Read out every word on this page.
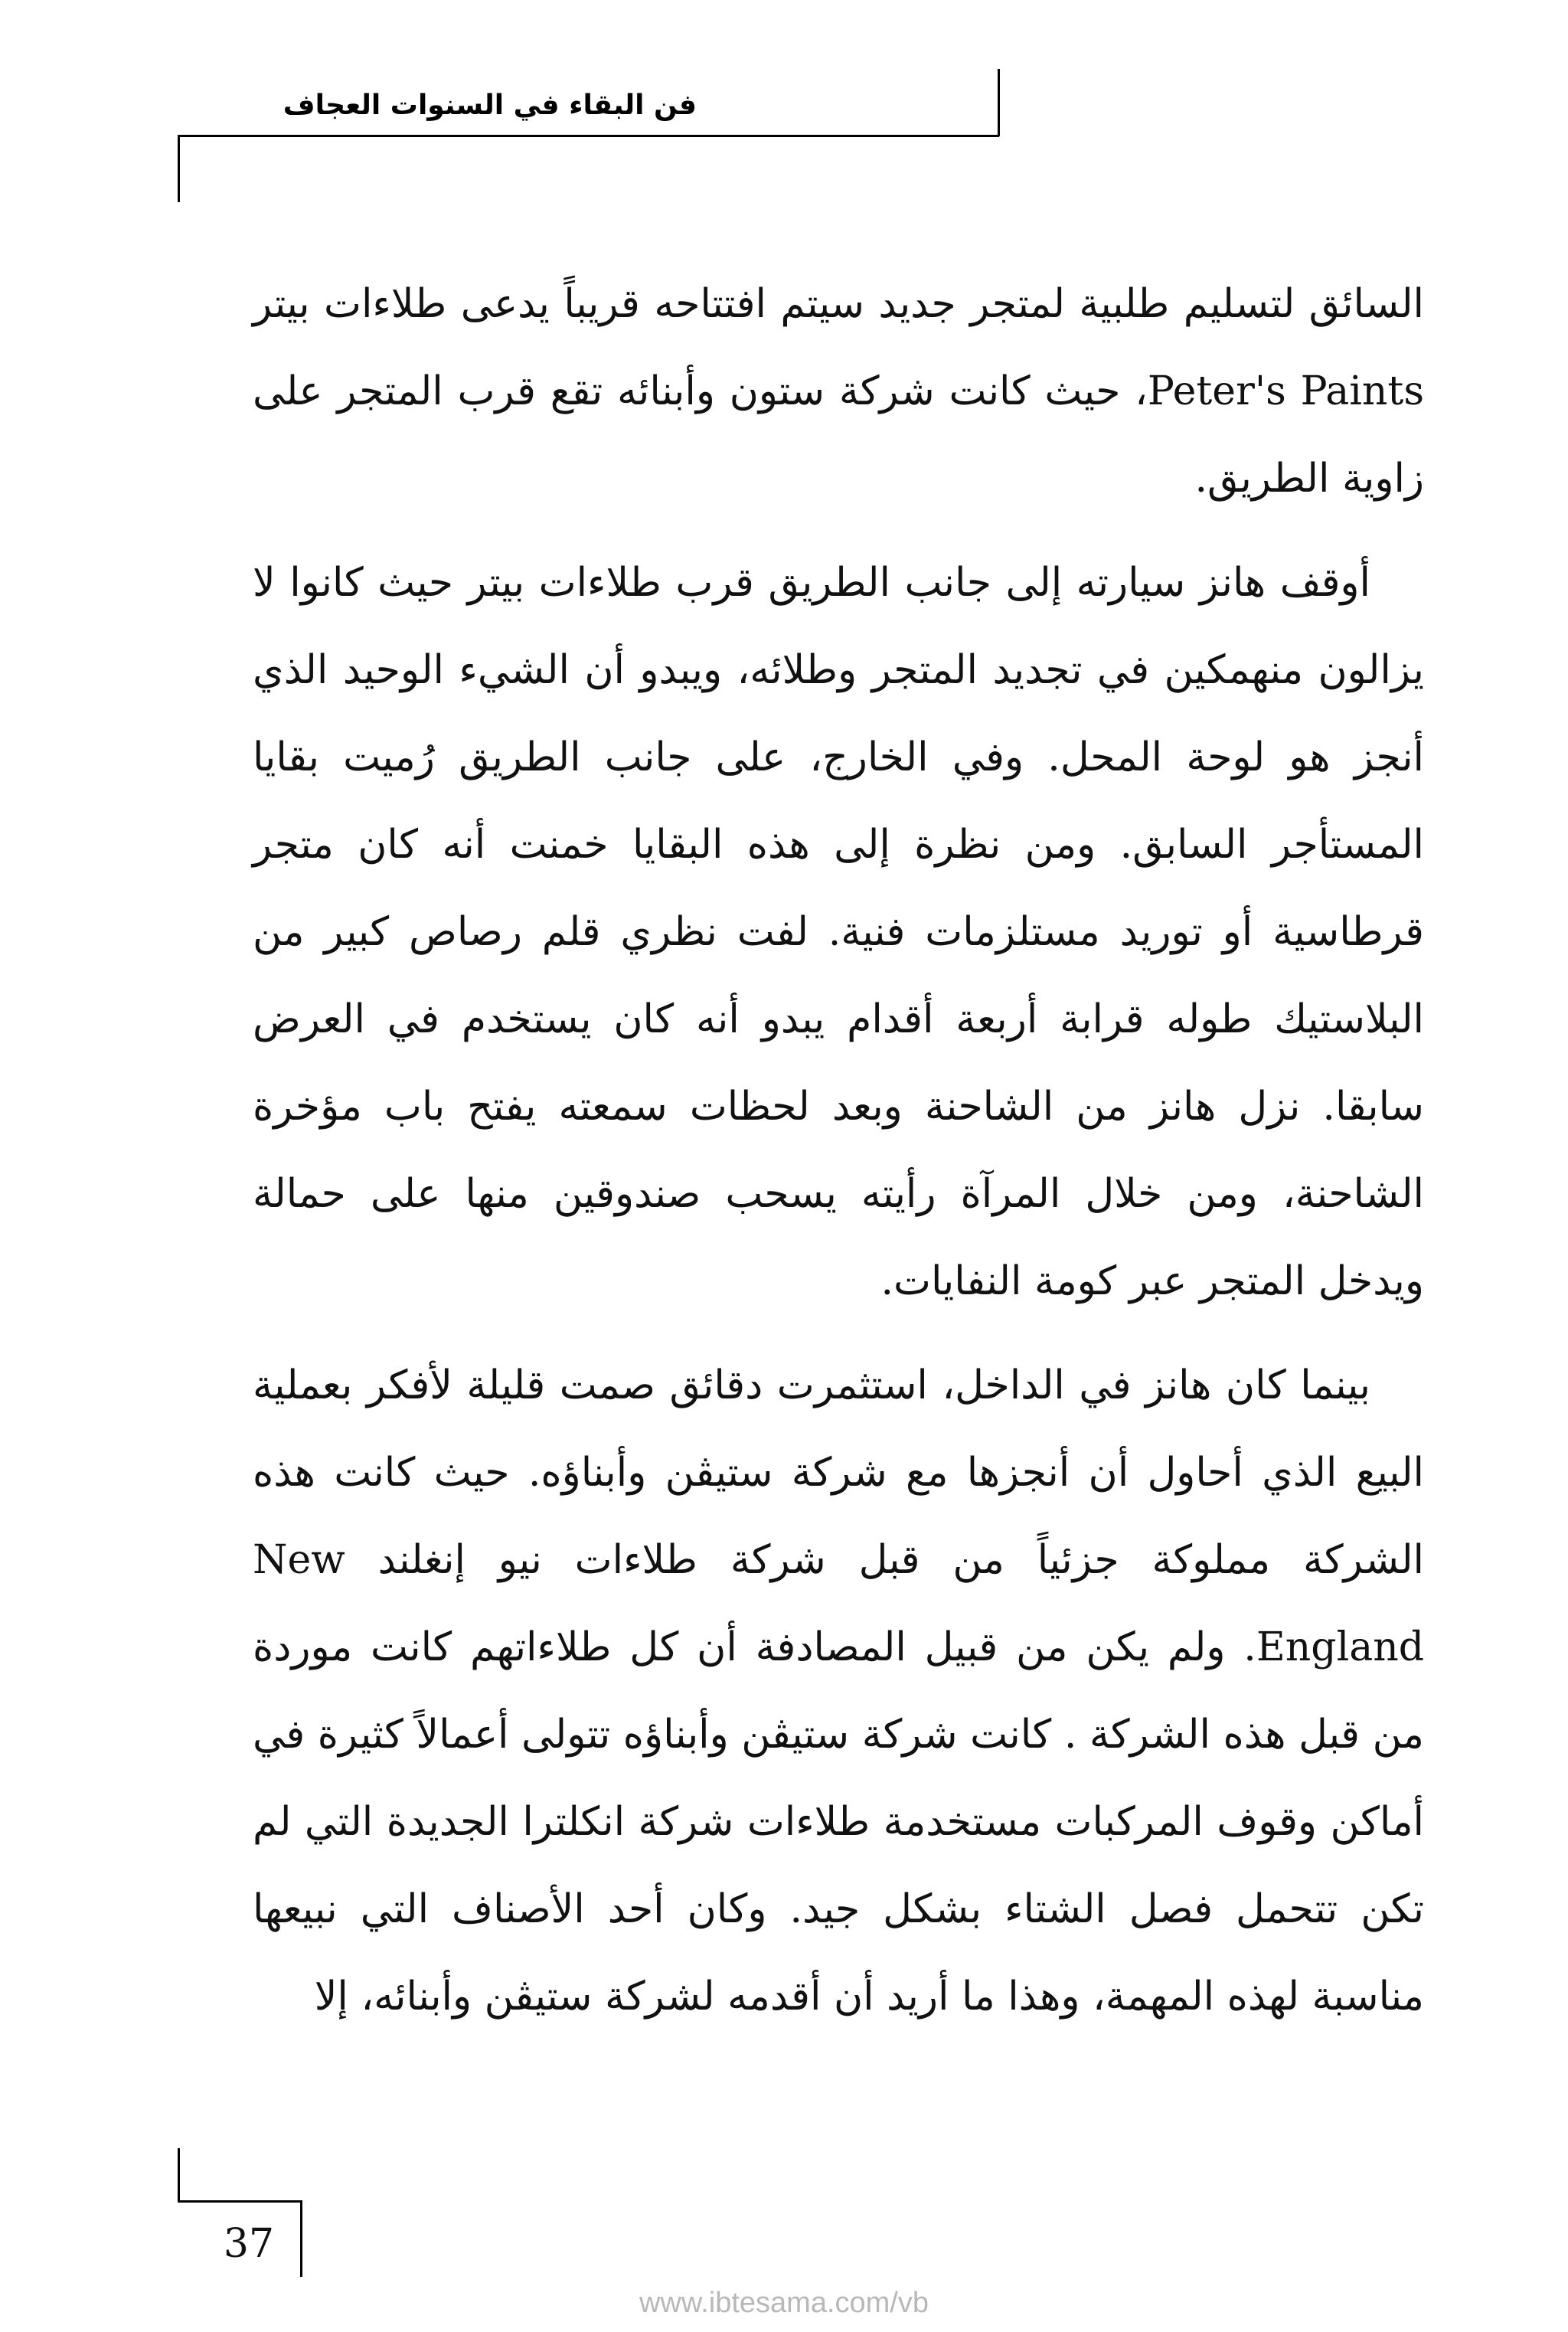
فن البقاء في السنوات العجاف

السائق لتسليم طلبية لمتجر جديد سيتم افتتاحه قريباً يدعى طلاءات بيتر Peter's Paints، حيث كانت شركة ستون وأبنائه تقع قرب المتجر على زاوية الطريق.

أوقف هانز سيارته إلى جانب الطريق قرب طلاءات بيتر حيث كانوا لا يزالون منهمكين في تجديد المتجر وطلائه، ويبدو أن الشيء الوحيد الذي أنجز هو لوحة المحل. وفي الخارج، على جانب الطريق رُميت بقايا المستأجر السابق. ومن نظرة إلى هذه البقايا خمنت أنه كان متجر قرطاسية أو توريد مستلزمات فنية. لفت نظري قلم رصاص كبير من البلاستيك طوله قرابة أربعة أقدام يبدو أنه كان يستخدم في العرض سابقا. نزل هانز من الشاحنة وبعد لحظات سمعته يفتح باب مؤخرة الشاحنة، ومن خلال المرآة رأيته يسحب صندوقين منها على حمالة ويدخل المتجر عبر كومة النفايات.

بينما كان هانز في الداخل، استثمرت دقائق صمت قليلة لأفكر بعملية البيع الذي أحاول أن أنجزها مع شركة ستيڤن وأبناؤه. حيث كانت هذه الشركة مملوكة جزئياً من قبل شركة طلاءات نيو إنغلند New England. ولم يكن من قبيل المصادفة أن كل طلاءاتهم كانت موردة من قبل هذه الشركة . كانت شركة ستيڤن وأبناؤه تتولى أعمالاً كثيرة في أماكن وقوف المركبات مستخدمة طلاءات شركة انكلترا الجديدة التي لم تكن تتحمل فصل الشتاء بشكل جيد. وكان أحد الأصناف التي نبيعها مناسبة لهذه المهمة، وهذا ما أريد أن أقدمه لشركة ستيڤن وأبنائه، إلا

37
www.ibtesama.com/vb
